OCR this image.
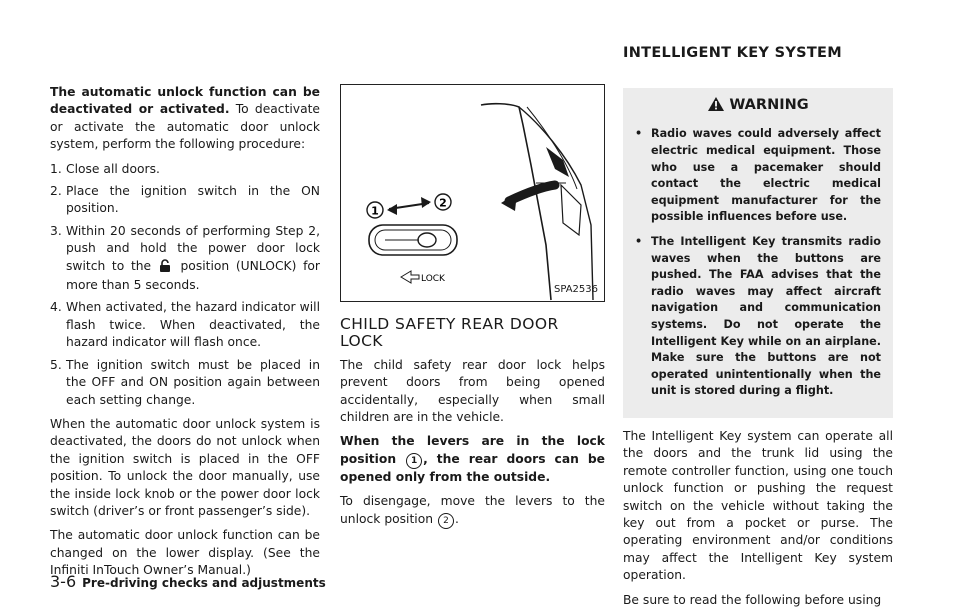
The automatic unlock function can be deactivated or activated. To deactivate or activate the automatic door unlock system, perform the following procedure:

1. Close all doors.
2. Place the ignition switch in the ON position.
3. Within 20 seconds of performing Step 2, push and hold the power door lock switch to the position (UNLOCK) for more than 5 seconds.
4. When activated, the hazard indicator will flash twice. When deactivated, the hazard indicator will flash once.
5. The ignition switch must be placed in the OFF and ON position again between each setting change.

When the automatic door unlock system is deactivated, the doors do not unlock when the ignition switch is placed in the OFF position. To unlock the door manually, use the inside lock knob or the power door lock switch (driver’s or front passenger’s side).

The automatic door unlock function can be changed on the lower display. (See the Infiniti InTouch Owner’s Manual.)

1
2
LOCK
SPA2536
CHILD SAFETY REAR DOOR LOCK

The child safety rear door lock helps prevent doors from being opened accidentally, especially when small children are in the vehicle.

When the levers are in the lock position 1 , the rear doors can be opened only from the outside.

To disengage, move the levers to the unlock position 2 .

INTELLIGENT KEY SYSTEM
WARNING
• Radio waves could adversely affect electric medical equipment. Those who use a pacemaker should contact the electric medical equipment manufacturer for the possible influences before use.
• The Intelligent Key transmits radio waves when the buttons are pushed. The FAA advises that the radio waves may affect aircraft navigation and communication systems. Do not operate the Intelligent Key while on an airplane. Make sure the buttons are not operated unintentionally when the unit is stored during a flight.

The Intelligent Key system can operate all the doors and the trunk lid using the remote controller function, using one touch unlock function or pushing the request switch on the vehicle without taking the key out from a pocket or purse. The operating environment and/or conditions may affect the Intelligent Key system operation.

Be sure to read the following before using

3-6 Pre-driving checks and adjustments
